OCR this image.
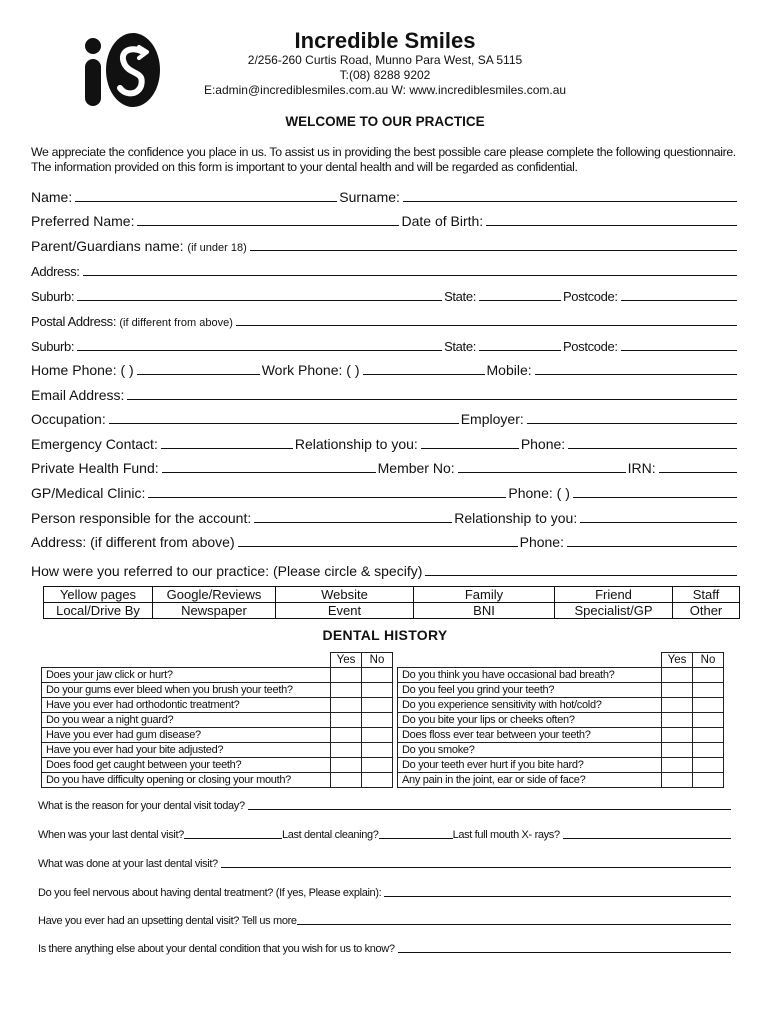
Incredible Smiles
2/256-260 Curtis Road, Munno Para West, SA 5115
T:(08) 8288 9202
E:admin@incrediblesmiles.com.au W: www.incrediblesmiles.com.au
WELCOME TO OUR PRACTICE
We appreciate the confidence you place in us. To assist us in providing the best possible care please complete the following questionnaire. The information provided on this form is important to your dental health and will be regarded as confidential.
Name:	Surname:
Preferred Name:	Date of Birth:
Parent/Guardians name:
(if under 18)
Address:
Suburb:	State:	Postcode:
Postal Address:
(if different from above)
Suburb:	State:	Postcode:
Home Phone: ( )	Work Phone: ( )	Mobile:
Email Address:
Occupation:	Employer:
Emergency Contact:	Relationship to you:	Phone:
Private Health Fund:	Member No:	IRN:
GP/Medical Clinic:	Phone: ( )
Person responsible for the account:	Relationship to you:
Address: (if different from above)	Phone:
How were you referred to our practice: (Please circle & specify)
Yellow pages	Google/Reviews	Website	Family	Friend	Staff
Local/Drive By	Newspaper	Event	BNI	Specialist/GP	Other
DENTAL HISTORY
	Yes	No
Does your jaw click or hurt?		
Do your gums ever bleed when you brush your teeth?		
Have you ever had orthodontic treatment?		
Do you wear a night guard?		
Have you ever had gum disease?		
Have you ever had your bite adjusted?		
Does food get caught between your teeth?		
Do you have difficulty opening or closing your mouth?		
	Yes	No
Do you think you have occasional bad breath?		
Do you feel you grind your teeth?		
Do you experience sensitivity with hot/cold?		
Do you bite your lips or cheeks often?		
Does floss ever tear between your teeth?		
Do you smoke?		
Do your teeth ever hurt if you bite hard?		
Any pain in the joint, ear or side of face?		
What is the reason for your dental visit today?
When was your last dental visit?	Last dental cleaning?	Last full mouth X- rays?
What was done at your last dental visit?
Do you feel nervous about having dental treatment? (If yes, Please explain):
Have you ever had an upsetting dental visit? Tell us more
Is there anything else about your dental condition that you wish for us to know?
